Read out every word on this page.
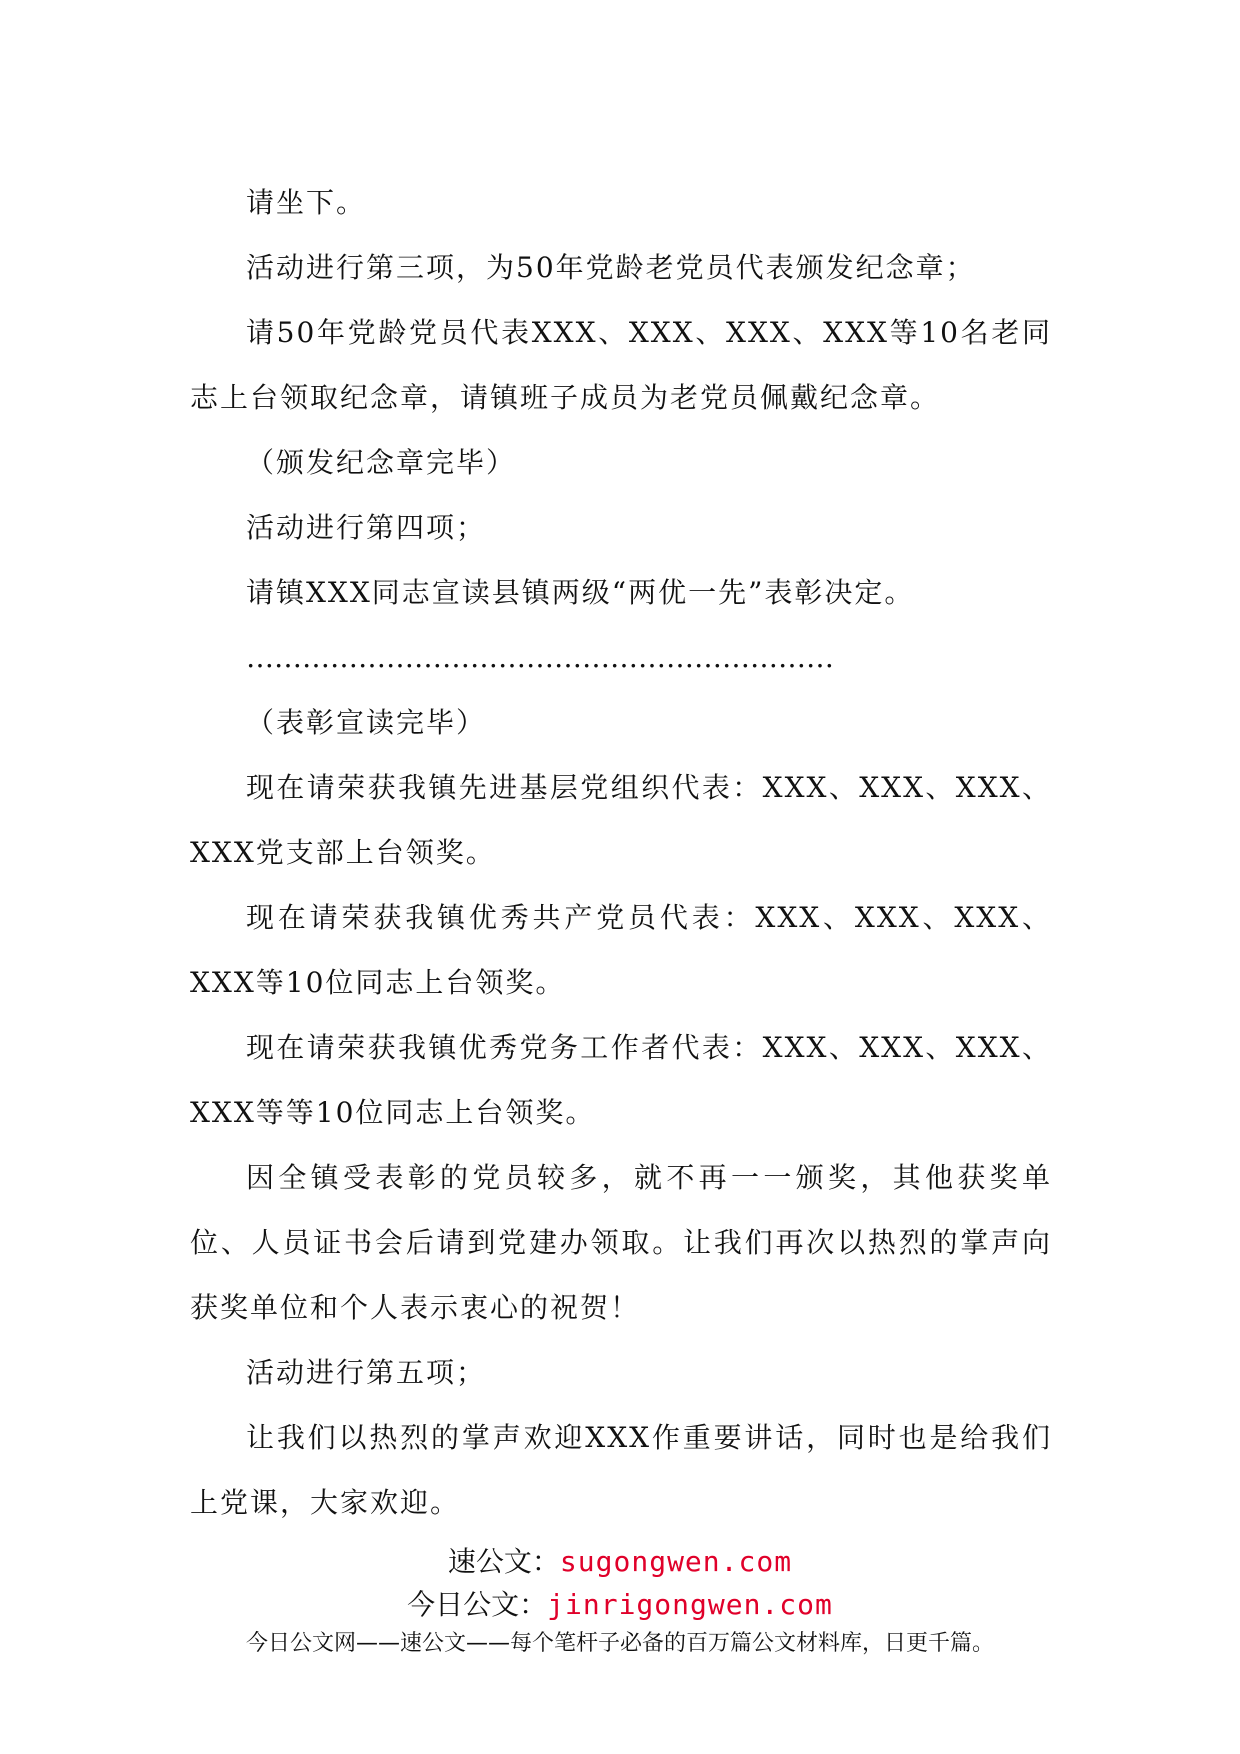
请坐下。

活动进行第三项，为50年党龄老党员代表颁发纪念章；

请50年党龄党员代表XXX、XXX、XXX、XXX等10名老同志上台领取纪念章，请镇班子成员为老党员佩戴纪念章。

（颁发纪念章完毕）

活动进行第四项；

请镇XXX同志宣读县镇两级“两优一先”表彰决定。

………………………………………………………

（表彰宣读完毕）

现在请荣获我镇先进基层党组织代表：XXX、XXX、XXX、XXX党支部上台领奖。

现在请荣获我镇优秀共产党员代表：XXX、XXX、XXX、XXX等10位同志上台领奖。

现在请荣获我镇优秀党务工作者代表：XXX、XXX、XXX、XXX等等10位同志上台领奖。

因全镇受表彰的党员较多，就不再一一颁奖，其他获奖单位、人员证书会后请到党建办领取。让我们再次以热烈的掌声向获奖单位和个人表示衷心的祝贺！

活动进行第五项；

让我们以热烈的掌声欢迎XXX作重要讲话，同时也是给我们上党课，大家欢迎。

速公文：sugongwen.com
今日公文：jinrigongwen.com
今日公文网——速公文——每个笔杆子必备的百万篇公文材料库，日更千篇。
